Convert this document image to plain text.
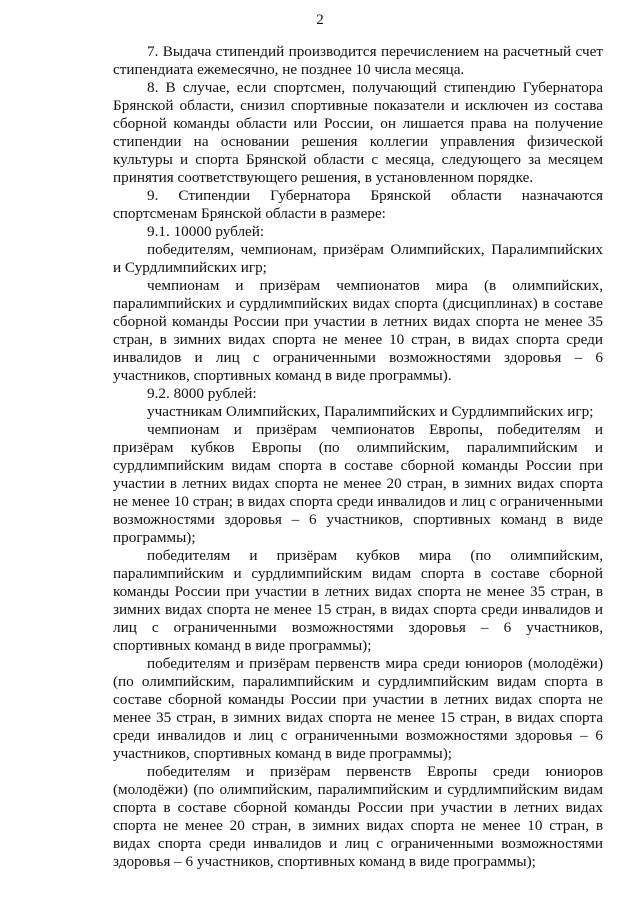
2

7. Выдача стипендий производится перечислением на расчетный счет стипендиата ежемесячно, не позднее 10 числа месяца.

8. В случае, если спортсмен, получающий стипендию Губернатора Брянской области, снизил спортивные показатели и исключен из состава сборной команды области или России, он лишается права на получение стипендии на основании решения коллегии управления физической культуры и спорта Брянской области с месяца, следующего за месяцем принятия соответствующего решения, в установленном порядке.

9. Стипендии Губернатора Брянской области назначаются спортсменам Брянской области в размере:

9.1. 10000 рублей:

победителям, чемпионам, призёрам Олимпийских, Паралимпийских и Сурдлимпийских игр;

чемпионам и призёрам чемпионатов мира (в олимпийских, паралимпийских и сурдлимпийских видах спорта (дисциплинах) в составе сборной команды России при участии в летних видах спорта не менее 35 стран, в зимних видах спорта не менее 10 стран, в видах спорта среди инвалидов и лиц с ограниченными возможностями здоровья – 6 участников, спортивных команд в виде программы).

9.2. 8000 рублей:

участникам Олимпийских, Паралимпийских и Сурдлимпийских игр;

чемпионам и призёрам чемпионатов Европы, победителям и призёрам кубков Европы (по олимпийским, паралимпийским и сурдлимпийским видам спорта в составе сборной команды России при участии в летних видах спорта не менее 20 стран, в зимних видах спорта не менее 10 стран; в видах спорта среди инвалидов и лиц с ограниченными возможностями здоровья – 6 участников, спортивных команд в виде программы);

победителям и призёрам кубков мира (по олимпийским, паралимпийским и сурдлимпийским видам спорта в составе сборной команды России при участии в летних видах спорта не менее 35 стран, в зимних видах спорта не менее 15 стран, в видах спорта среди инвалидов и лиц с ограниченными возможностями здоровья – 6 участников, спортивных команд в виде программы);

победителям и призёрам первенств мира среди юниоров (молодёжи) (по олимпийским, паралимпийским и сурдлимпийским видам спорта в составе сборной команды России при участии в летних видах спорта не менее 35 стран, в зимних видах спорта не менее 15 стран, в видах спорта среди инвалидов и лиц с ограниченными возможностями здоровья – 6 участников, спортивных команд в виде программы);

победителям и призёрам первенств Европы среди юниоров (молодёжи) (по олимпийским, паралимпийским и сурдлимпийским видам спорта в составе сборной команды России при участии в летних видах спорта не менее 20 стран, в зимних видах спорта не менее 10 стран, в видах спорта среди инвалидов и лиц с ограниченными возможностями здоровья – 6 участников, спортивных команд в виде программы);
